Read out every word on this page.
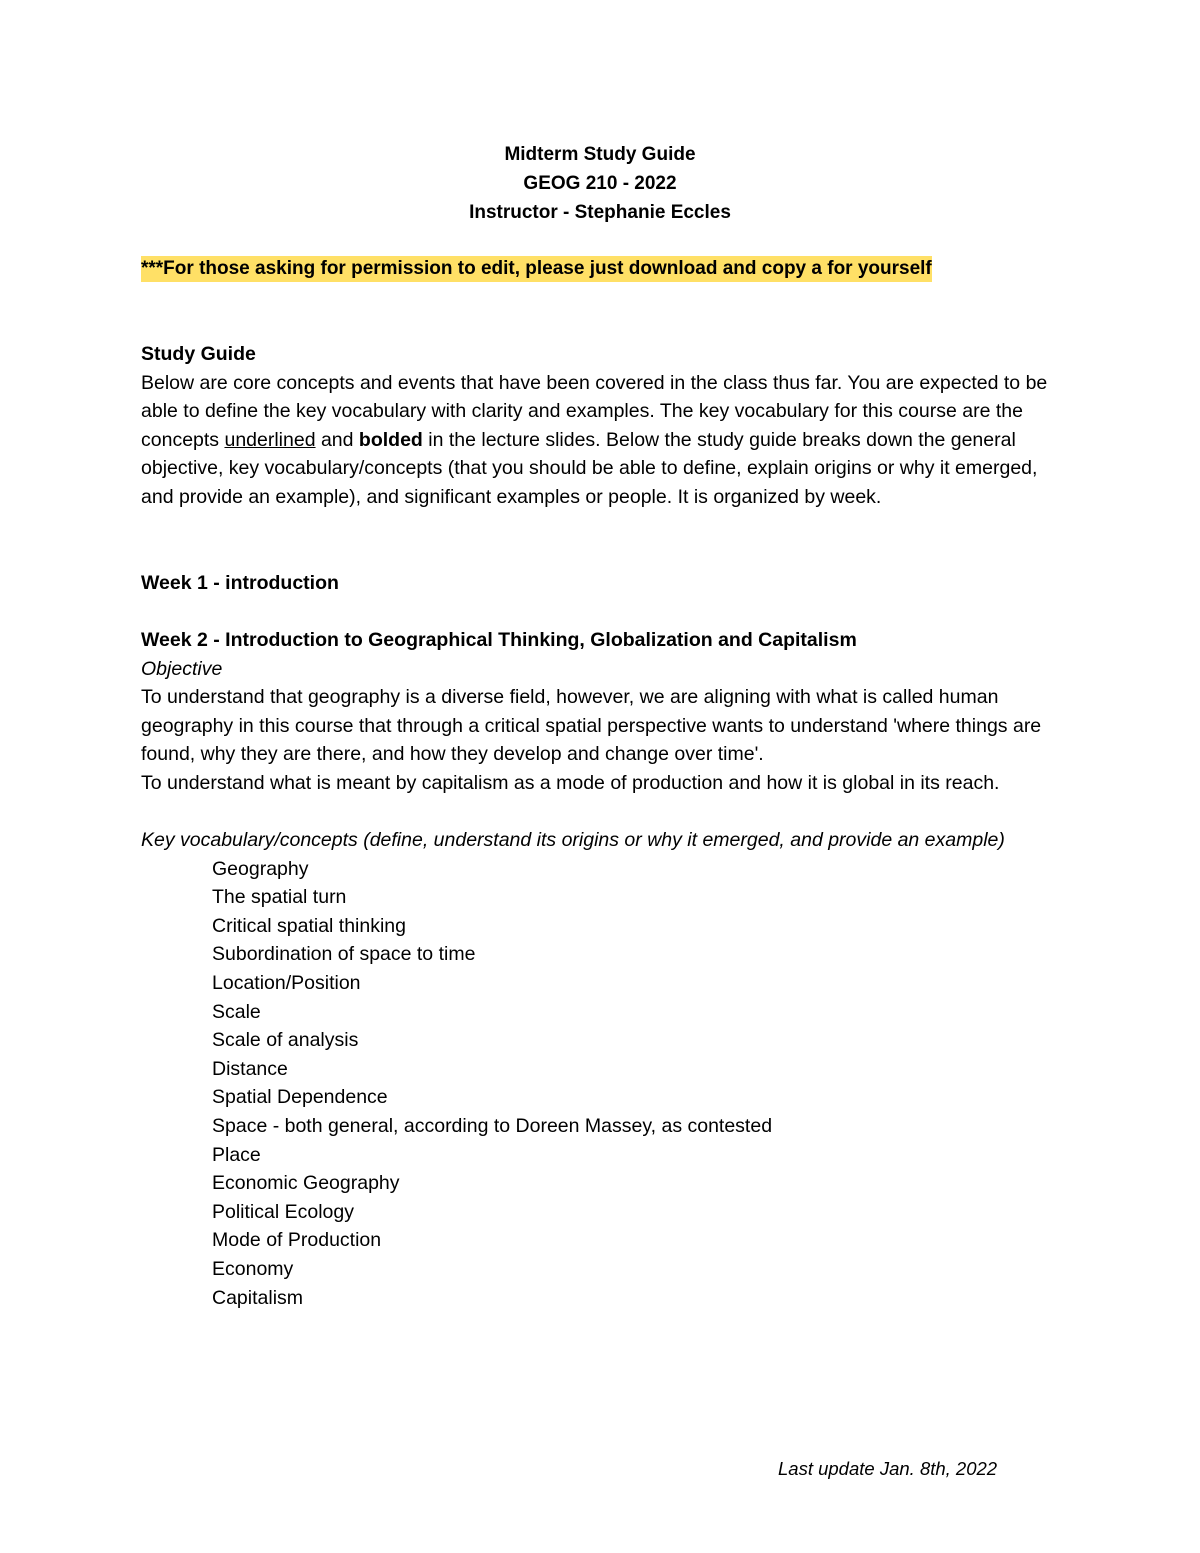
Midterm Study Guide
GEOG 210 - 2022
Instructor - Stephanie Eccles
***For those asking for permission to edit, please just download and copy a for yourself

Study Guide

Below are core concepts and events that have been covered in the class thus far. You are expected to be able to define the key vocabulary with clarity and examples. The key vocabulary for this course are the concepts underlined and bolded in the lecture slides. Below the study guide breaks down the general objective, key vocabulary/concepts (that you should be able to define, explain origins or why it emerged, and provide an example), and significant examples or people. It is organized by week.

Week 1 - introduction

Week 2 - Introduction to Geographical Thinking, Globalization and Capitalism

Objective

To understand that geography is a diverse field, however, we are aligning with what is called human geography in this course that through a critical spatial perspective wants to understand 'where things are found, why they are there, and how they develop and change over time'.

To understand what is meant by capitalism as a mode of production and how it is global in its reach.

Key vocabulary/concepts (define, understand its origins or why it emerged, and provide an example)

Geography
The spatial turn
Critical spatial thinking
Subordination of space to time
Location/Position
Scale
Scale of analysis
Distance
Spatial Dependence
Space - both general, according to Doreen Massey, as contested
Place
Economic Geography
Political Ecology
Mode of Production
Economy
Capitalism
Last update Jan. 8th, 2022
